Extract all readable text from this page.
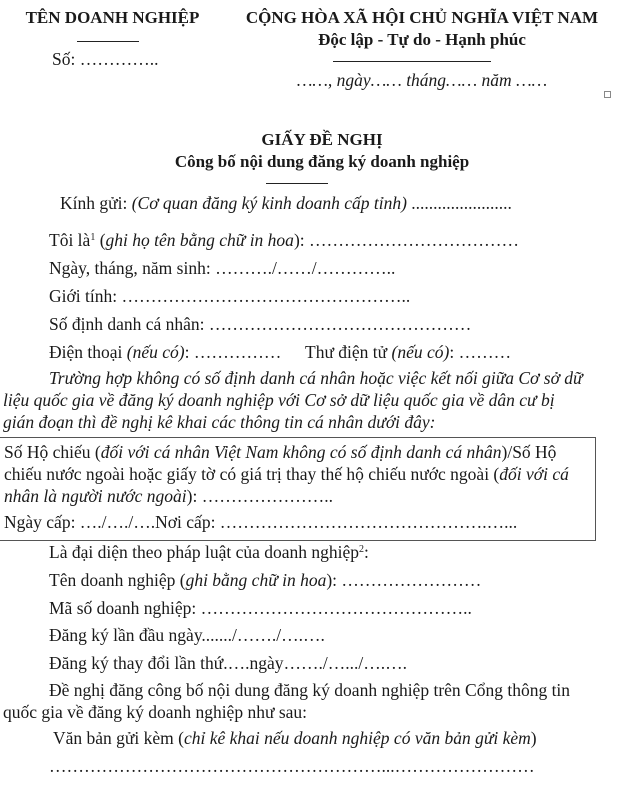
TÊN DOANH NGHIỆP
Số: …………..
CỘNG HÒA XÃ HỘI CHỦ NGHĨA VIỆT NAM
Độc lập - Tự do - Hạnh phúc
……, ngày…… tháng…… năm ……
GIẤY ĐỀ NGHỊ
Công bố nội dung đăng ký doanh nghiệp
Kính gửi: (Cơ quan đăng ký kinh doanh cấp tỉnh) .......................
Tôi $là^1$ (ghi họ tên bằng chữ in hoa): ………………………………
Ngày, tháng, năm sinh: ………./……/…………..
Giới tính: …………………………………………..
Số định danh cá nhân: ………………………………………
Điện thoại (nếu có): …………… Thư điện tử (nếu có): ………
Trường hợp không có số định danh cá nhân hoặc việc kết nối giữa Cơ sở dữ
liệu quốc gia về đăng ký doanh nghiệp với Cơ sở dữ liệu quốc gia về dân cư bị
gián đoạn thì đề nghị kê khai các thông tin cá nhân dưới đây:
Số Hộ chiếu (đối với cá nhân Việt Nam không có số định danh cá nhân)/Số Hộ
chiếu nước ngoài hoặc giấy tờ có giá trị thay thế hộ chiếu nước ngoài (đối với cá
nhân là người nước ngoài): …………………..
Ngày cấp: …./…./….Nơi cấp: ……………………………………….…...
Là đại diện theo pháp luật của doanh nghiệp$^2$:
Tên doanh nghiệp (ghi bằng chữ in hoa): ……………………
Mã số doanh nghiệp: ………………………………………..
Đăng ký lần đầu ngày......./……./….….
Đăng ký thay đổi lần thứ.….ngày……./….../….….
Đề nghị đăng công bố nội dung đăng ký doanh nghiệp trên Cổng thông tin
quốc gia về đăng ký doanh nghiệp như sau:
Văn bản gửi kèm (chỉ kê khai nếu doanh nghiệp có văn bản gửi kèm)
…………………………………………………...……………………
